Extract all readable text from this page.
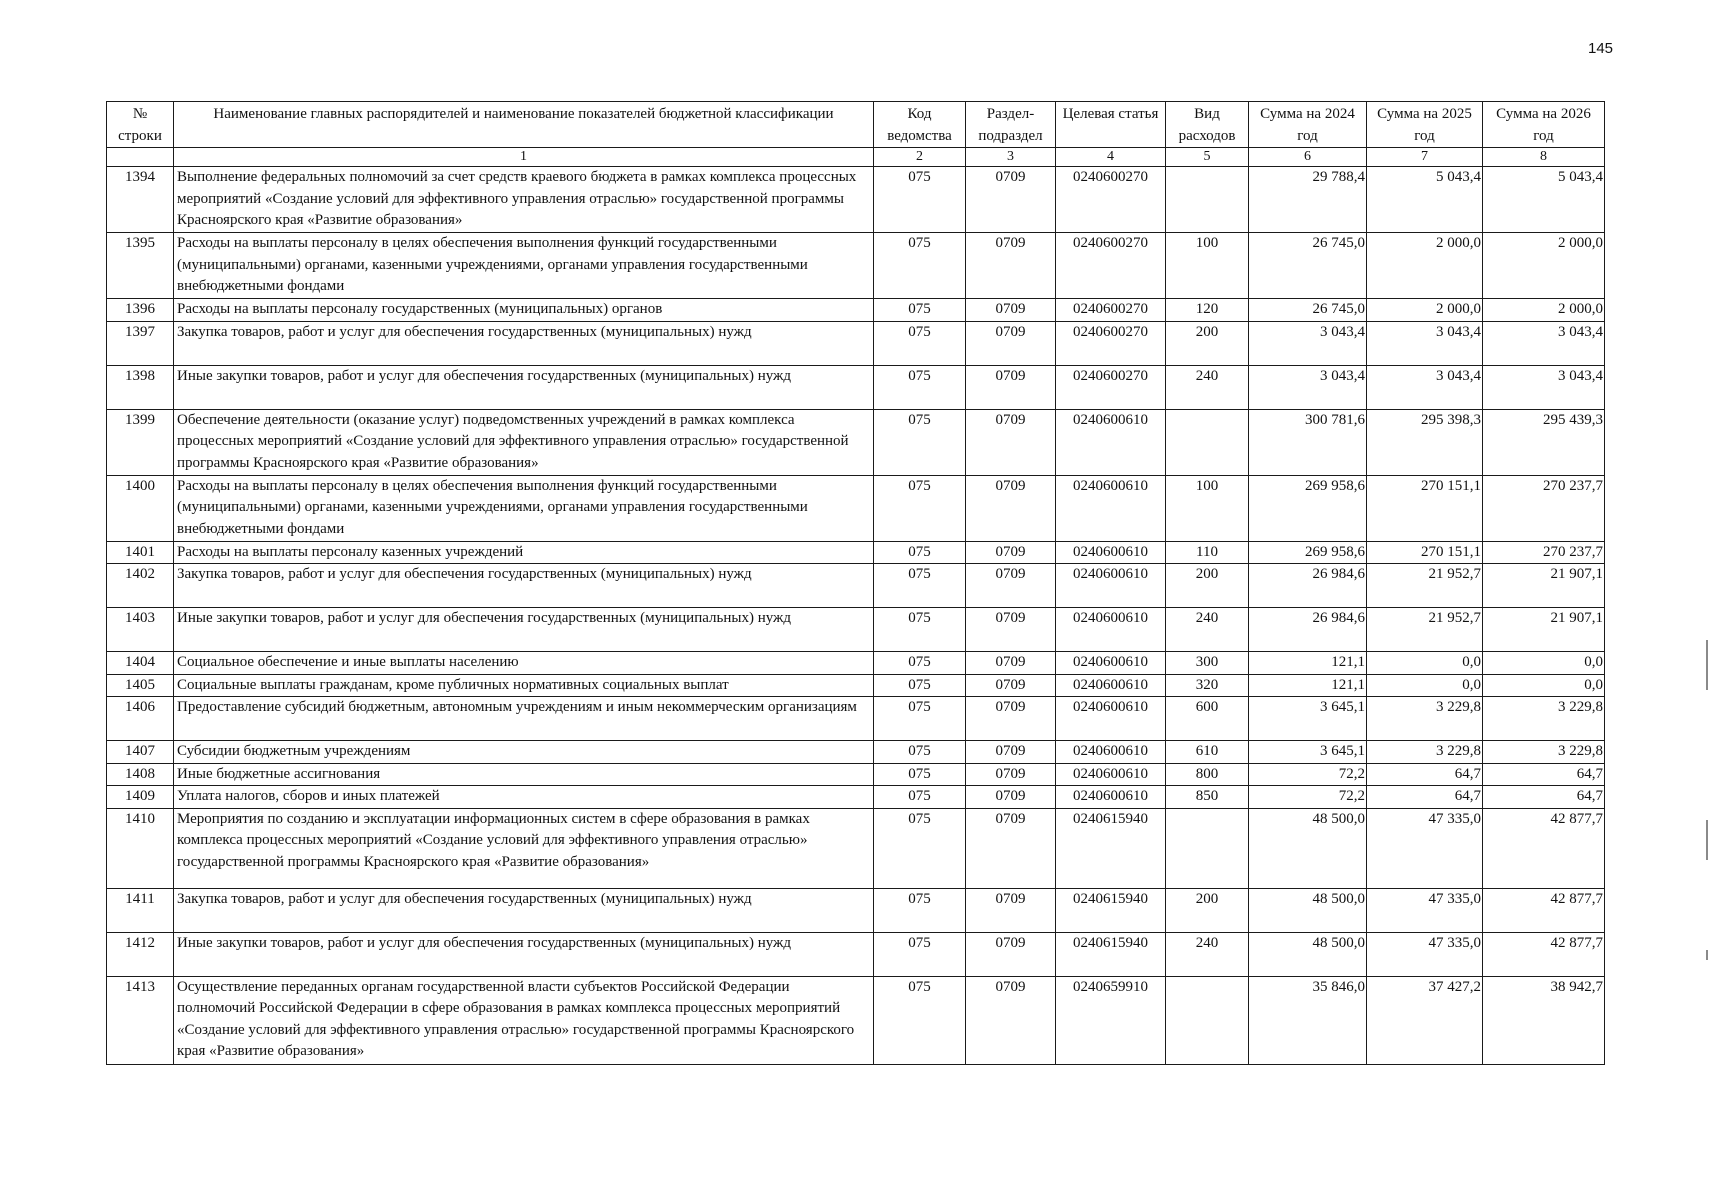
145
№ строки	Наименование главных распорядителей и наименование показателей бюджетной классификации	Код ведомства	Раздел-подраздел	Целевая статья	Вид расходов	Сумма на 2024 год	Сумма на 2025 год	Сумма на 2026 год
	1	2	3	4	5	6	7	8
1394	Выполнение федеральных полномочий за счет средств краевого бюджета в рамках комплекса процессных мероприятий «Создание условий для эффективного управления отраслью» государственной программы Красноярского края «Развитие образования»	075	0709	0240600270		29 788,4	5 043,4	5 043,4
1395	Расходы на выплаты персоналу в целях обеспечения выполнения функций государственными (муниципальными) органами, казенными учреждениями, органами управления государственными внебюджетными фондами	075	0709	0240600270	100	26 745,0	2 000,0	2 000,0
1396	Расходы на выплаты персоналу государственных (муниципальных) органов	075	0709	0240600270	120	26 745,0	2 000,0	2 000,0
1397	Закупка товаров, работ и услуг для обеспечения государственных (муниципальных) нужд	075	0709	0240600270	200	3 043,4	3 043,4	3 043,4
1398	Иные закупки товаров, работ и услуг для обеспечения государственных (муниципальных) нужд	075	0709	0240600270	240	3 043,4	3 043,4	3 043,4
1399	Обеспечение деятельности (оказание услуг) подведомственных учреждений в рамках комплекса процессных мероприятий «Создание условий для эффективного управления отраслью» государственной программы Красноярского края «Развитие образования»	075	0709	0240600610		300 781,6	295 398,3	295 439,3
1400	Расходы на выплаты персоналу в целях обеспечения выполнения функций государственными (муниципальными) органами, казенными учреждениями, органами управления государственными внебюджетными фондами	075	0709	0240600610	100	269 958,6	270 151,1	270 237,7
1401	Расходы на выплаты персоналу казенных учреждений	075	0709	0240600610	110	269 958,6	270 151,1	270 237,7
1402	Закупка товаров, работ и услуг для обеспечения государственных (муниципальных) нужд	075	0709	0240600610	200	26 984,6	21 952,7	21 907,1
1403	Иные закупки товаров, работ и услуг для обеспечения государственных (муниципальных) нужд	075	0709	0240600610	240	26 984,6	21 952,7	21 907,1
1404	Социальное обеспечение и иные выплаты населению	075	0709	0240600610	300	121,1	0,0	0,0
1405	Социальные выплаты гражданам, кроме публичных нормативных социальных выплат	075	0709	0240600610	320	121,1	0,0	0,0
1406	Предоставление субсидий бюджетным, автономным учреждениям и иным некоммерческим организациям	075	0709	0240600610	600	3 645,1	3 229,8	3 229,8
1407	Субсидии бюджетным учреждениям	075	0709	0240600610	610	3 645,1	3 229,8	3 229,8
1408	Иные бюджетные ассигнования	075	0709	0240600610	800	72,2	64,7	64,7
1409	Уплата налогов, сборов и иных платежей	075	0709	0240600610	850	72,2	64,7	64,7
1410	Мероприятия по созданию и эксплуатации информационных систем в сфере образования в рамках комплекса процессных мероприятий «Создание условий для эффективного управления отраслью» государственной программы Красноярского края «Развитие образования»	075	0709	0240615940		48 500,0	47 335,0	42 877,7
1411	Закупка товаров, работ и услуг для обеспечения государственных (муниципальных) нужд	075	0709	0240615940	200	48 500,0	47 335,0	42 877,7
1412	Иные закупки товаров, работ и услуг для обеспечения государственных (муниципальных) нужд	075	0709	0240615940	240	48 500,0	47 335,0	42 877,7
1413	Осуществление переданных органам государственной власти субъектов Российской Федерации полномочий Российской Федерации в сфере образования в рамках комплекса процессных мероприятий «Создание условий для эффективного управления отраслью» государственной программы Красноярского края «Развитие образования»	075	0709	0240659910		35 846,0	37 427,2	38 942,7
